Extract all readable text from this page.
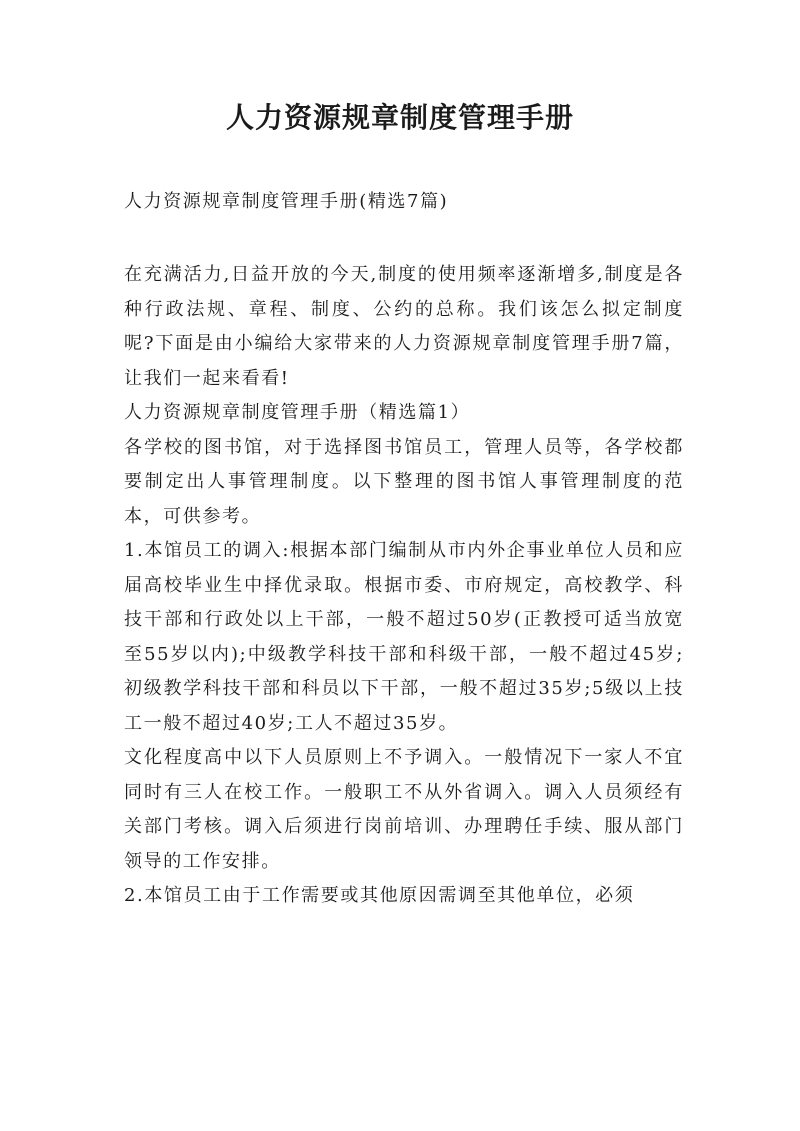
人力资源规章制度管理手册

人力资源规章制度管理手册(精选7篇)

在充满活力,日益开放的今天,制度的使用频率逐渐增多,制度是各种行政法规、章程、制度、公约的总称。我们该怎么拟定制度呢?下面是由小编给大家带来的人力资源规章制度管理手册7篇，让我们一起来看看!

人力资源规章制度管理手册（精选篇1）

各学校的图书馆，对于选择图书馆员工，管理人员等，各学校都要制定出人事管理制度。以下整理的图书馆人事管理制度的范本，可供参考。

1.本馆员工的调入:根据本部门编制从市内外企事业单位人员和应届高校毕业生中择优录取。根据市委、市府规定，高校教学、科技干部和行政处以上干部，一般不超过50岁(正教授可适当放宽至55岁以内);中级教学科技干部和科级干部，一般不超过45岁;初级教学科技干部和科员以下干部，一般不超过35岁;5级以上技工一般不超过40岁;工人不超过35岁。

文化程度高中以下人员原则上不予调入。一般情况下一家人不宜同时有三人在校工作。一般职工不从外省调入。调入人员须经有关部门考核。调入后须进行岗前培训、办理聘任手续、服从部门领导的工作安排。

2.本馆员工由于工作需要或其他原因需调至其他单位，必须
